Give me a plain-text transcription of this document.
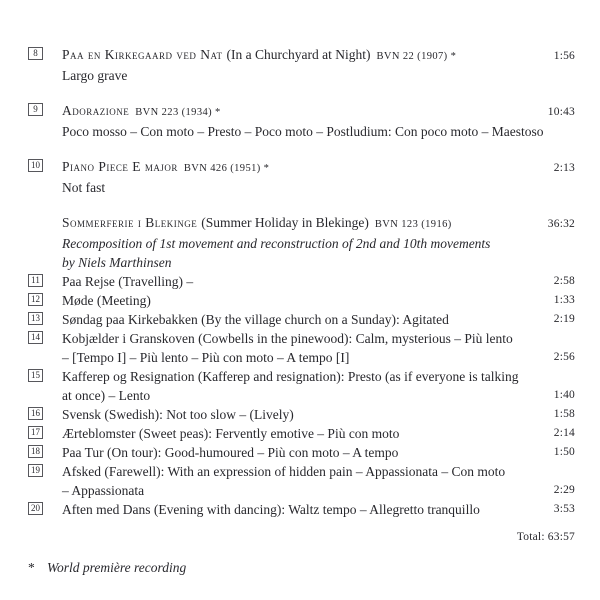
8	Paa en Kirkegaard ved Nat (In a Churchyard at Night) BVN 22 (1907) *	1:56
Largo grave
9	Adorazione BVN 223 (1934) *	10:43
Poco mosso – Con moto – Presto – Poco moto – Postludium: Con poco moto – Maestoso
10 Piano Piece E major BVN 426 (1951) *	2:13
Not fast
Sommerferie i Blekinge (Summer Holiday in Blekinge) BVN 123 (1916)	36:32
Recomposition of 1st movement and reconstruction of 2nd and 10th movements
by Niels Marthinsen
11 Paa Rejse (Travelling) –	2:58
12 Møde (Meeting)	1:33
13 Søndag paa Kirkebakken (By the village church on a Sunday): Agitated	2:19
14 Kobjælder i Granskoven (Cowbells in the pinewood): Calm, mysterious – Più lento
– [Tempo I] – Più lento – Più con moto – A tempo [I]	2:56
15 Kafferep og Resignation (Kafferep and resignation): Presto (as if everyone is talking
at once) – Lento	1:40
16 Svensk (Swedish): Not too slow – (Lively)	1:58
17 Ærteblomster (Sweet peas): Fervently emotive – Più con moto	2:14
18 Paa Tur (On tour): Good-humoured – Più con moto – A tempo	1:50
19 Afsked (Farewell): With an expression of hidden pain – Appassionata – Con moto
– Appassionata	2:29
20 Aften med Dans (Evening with dancing): Waltz tempo – Allegretto tranquillo	3:53
Total: 63:57
* World première recording
